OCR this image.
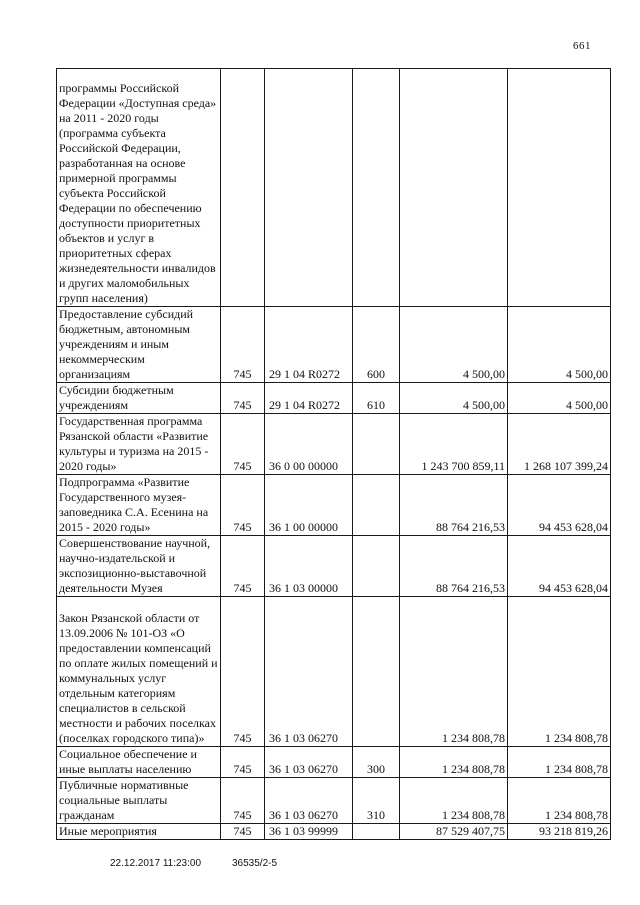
661
программы Российской Федерации «Доступная среда» на 2011 - 2020 годы (программа субъекта Российской Федерации, разработанная на основе примерной программы субъекта Российской Федерации по обеспечению доступности приоритетных объектов и услуг в приоритетных сферах жизнедеятельности инвалидов и других маломобильных групп населения)					

Предоставление субсидий бюджетным, автономным учреждениям и иным некоммерческим организациям	745	29 1 04 R0272	600	4 500,00	4 500,00

Субсидии бюджетным учреждениям	745	29 1 04 R0272	610	4 500,00	4 500,00

Государственная программа Рязанской области «Развитие культуры и туризма на 2015 - 2020 годы»	745	36 0 00 00000		1 243 700 859,11	1 268 107 399,24

Подпрограмма «Развитие Государственного музея-заповедника С.А. Есенина на 2015 - 2020 годы»	745	36 1 00 00000		88 764 216,53	94 453 628,04

Совершенствование научной, научно-издательской и экспозиционно-выставочной деятельности Музея	745	36 1 03 00000		88 764 216,53	94 453 628,04

Закон Рязанской области от 13.09.2006 № 101-ОЗ «О предоставлении компенсаций по оплате жилых помещений и коммунальных услуг отдельным категориям специалистов в сельской местности и рабочих поселках (поселках городского типа)»	745	36 1 03 06270		1 234 808,78	1 234 808,78

Социальное обеспечение и иные выплаты населению	745	36 1 03 06270	300	1 234 808,78	1 234 808,78

Публичные нормативные социальные выплаты гражданам	745	36 1 03 06270	310	1 234 808,78	1 234 808,78

Иные мероприятия	745	36 1 03 99999		87 529 407,75	93 218 819,26
22.12.2017 11:23:00	36535/2-5
